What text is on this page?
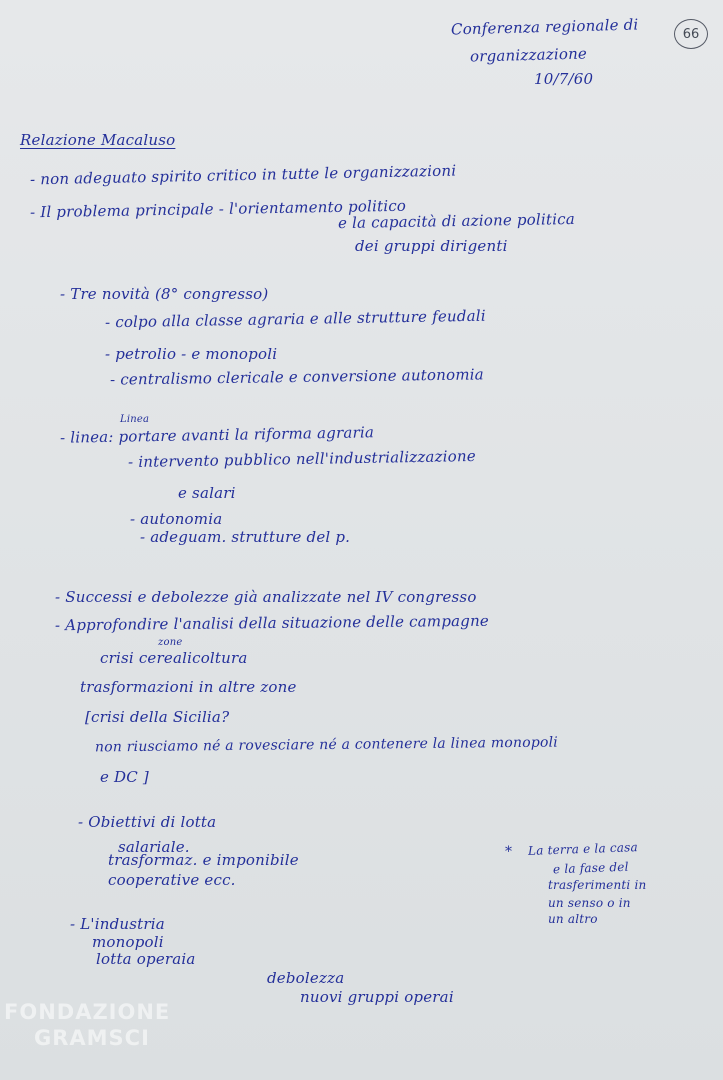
66
Conferenza regionale di
organizzazione
10/7/60
Relazione Macaluso
- non adeguato spirito critico in tutte le organizzazioni
- Il problema principale - l'orientamento politico
e la capacità di azione politica
dei gruppi dirigenti
- Tre novità (8° congresso)
- colpo alla classe agraria e alle strutture feudali
- petrolio - e monopoli
- centralismo clericale e conversione autonomia
Linea
- linea: portare avanti la riforma agraria
- intervento pubblico nell'industrializzazione
e salari
- autonomia
- adeguam. strutture del p.
- Successi e debolezze già analizzate nel IV congresso
- Approfondire l'analisi della situazione delle campagne
zone
crisi cerealicoltura
trasformazioni in altre zone
[crisi della Sicilia?
non riusciamo né a rovesciare né a contenere la linea monopoli
e DC ]
- Obiettivi di lotta
salariale.
trasformaz. e imponibile
cooperative ecc.
- L'industria
monopoli
lotta operaia
debolezza
nuovi gruppi operai
* La terra e la casa
e la fase del
trasferimenti in
un senso o in
un altro
FONDAZIONE
GRAMSCI
